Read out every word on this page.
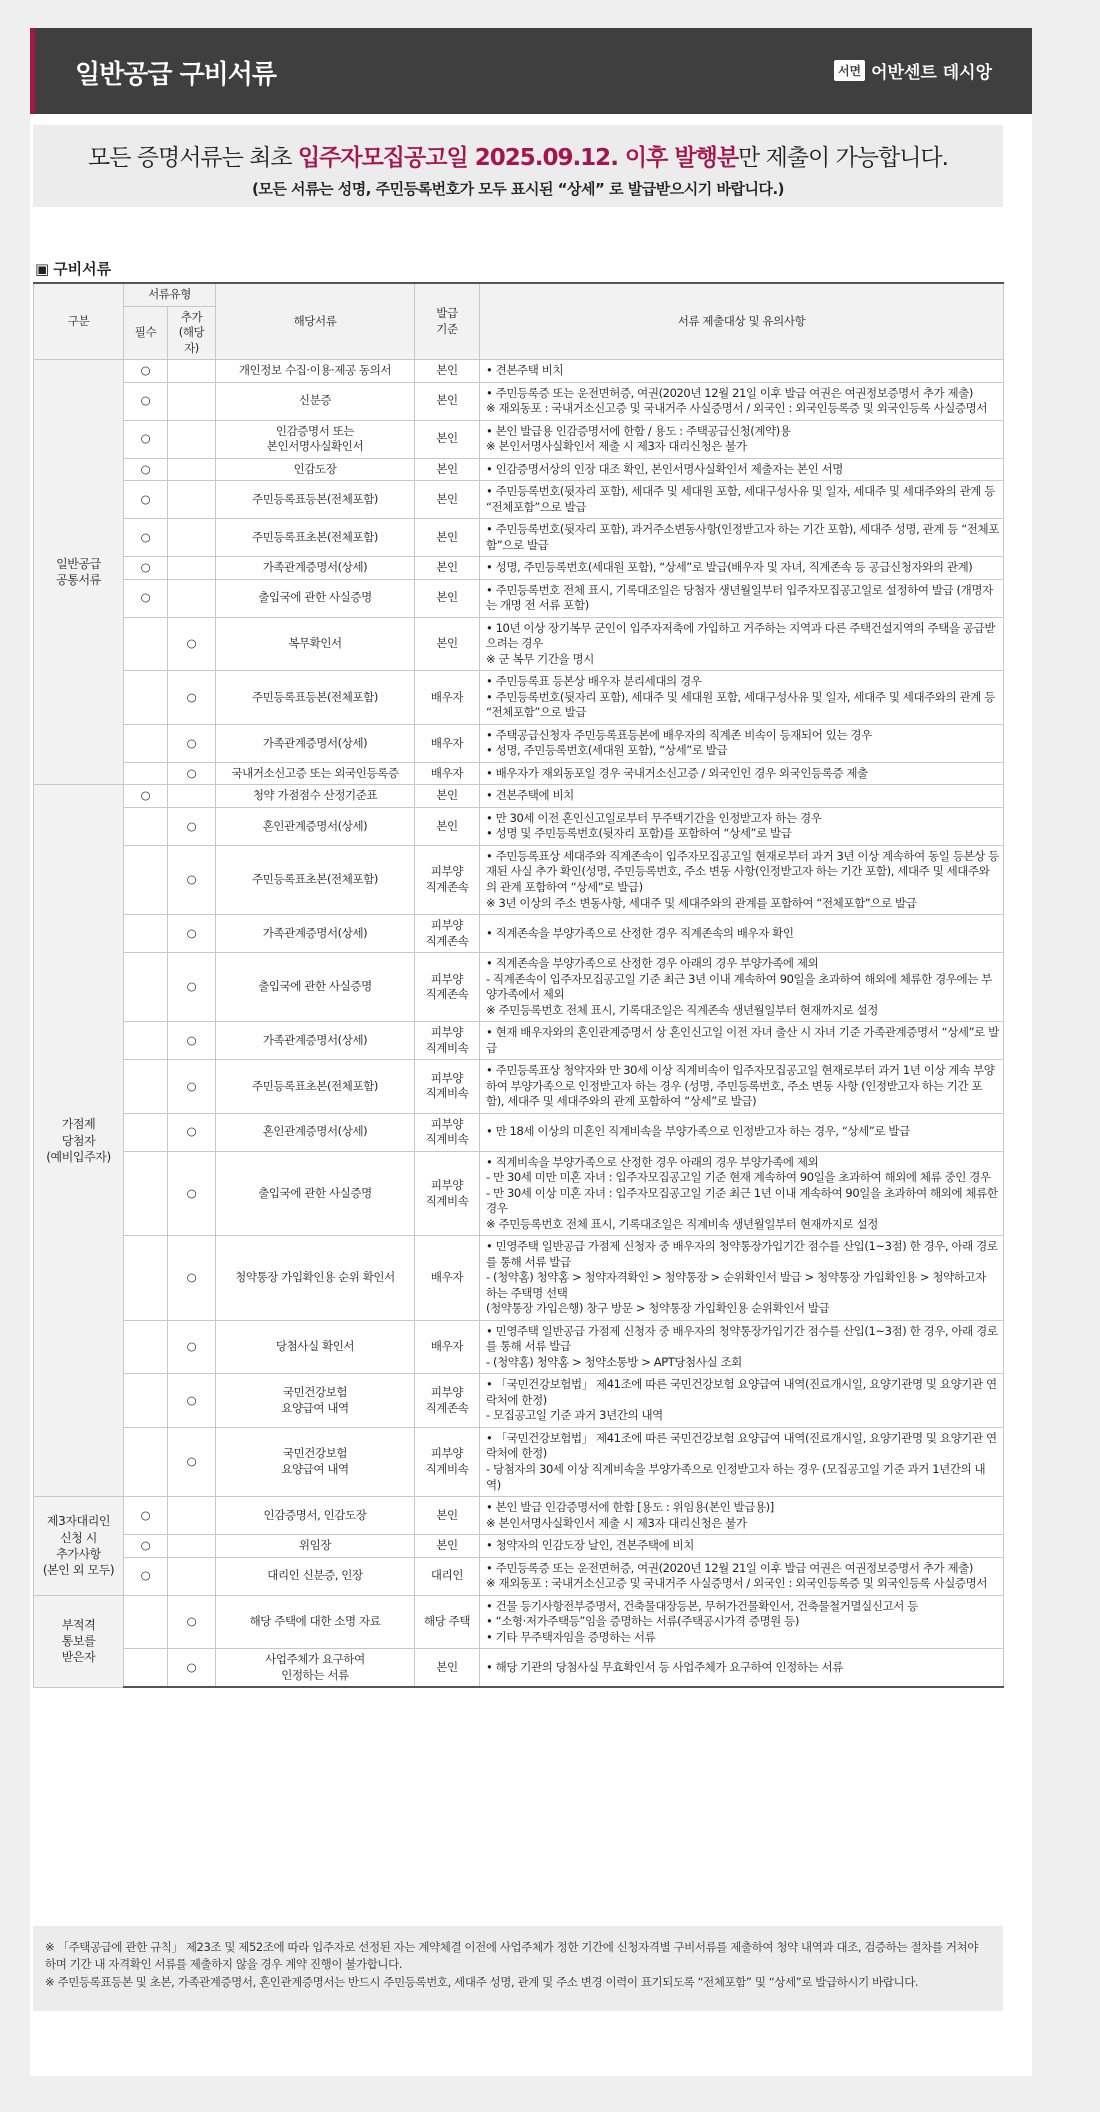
일반공급 구비서류	서면 어반센트 데시앙
모든 증명서류는 최초 입주자모집공고일 2025.09.12. 이후 발행분만 제출이 가능합니다.
(모든 서류는 성명, 주민등록번호가 모두 표시된 “상세” 로 발급받으시기 바랍니다.)
▣ 구비서류
구분	서류유형		해당서류	발급
기준	서류 제출대상 및 유의사항
	필수	추가
(해당자)			
일반공급
공통서류	○		개인정보 수집·이용·제공 동의서	본인	• 견본주택 비치

	○		신분증	본인	• 주민등록증 또는 운전면허증, 여권(2020년 12월 21일 이후 발급 여권은 여권정보증명서 추가 제출)
※ 재외동포 : 국내거소신고증 및 국내거주 사실증명서 / 외국인 : 외국인등록증 및 외국인등록 사실증명서

	○		인감증명서 또는
본인서명사실확인서	본인	• 본인 발급용 인감증명서에 한함 / 용도 : 주택공급신청(계약)용
※ 본인서명사실확인서 제출 시 제3자 대리신청은 불가

	○		인감도장	본인	• 인감증명서상의 인장 대조 확인, 본인서명사실확인서 제출자는 본인 서명

	○		주민등록표등본(전체포함)	본인	• 주민등록번호(뒷자리 포함), 세대주 및 세대원 포함, 세대구성사유 및 일자, 세대주 및 세대주와의 관계 등 “전체포함”으로 발급

	○		주민등록표초본(전체포함)	본인	• 주민등록번호(뒷자리 포함), 과거주소변동사항(인정받고자 하는 기간 포함), 세대주 성명, 관계 등 “전체포함”으로 발급

	○		가족관계증명서(상세)	본인	• 성명, 주민등록번호(세대원 포함), “상세”로 발급(배우자 및 자녀, 직계존속 등 공급신청자와의 관계)

	○		출입국에 관한 사실증명	본인	• 주민등록번호 전체 표시, 기록대조일은 당첨자 생년월일부터 입주자모집공고일로 설정하여 발급 (개명자는 개명 전 서류 포함)

		○	복무확인서	본인	• 10년 이상 장기복무 군인이 입주자저축에 가입하고 거주하는 지역과 다른 주택건설지역의 주택을 공급받으려는 경우
※ 군 복무 기간을 명시

		○	주민등록표등본(전체포함)	배우자	• 주민등록표 등본상 배우자 분리세대의 경우
• 주민등록번호(뒷자리 포함), 세대주 및 세대원 포함, 세대구성사유 및 일자, 세대주 및 세대주와의 관계 등 “전체포함”으로 발급

		○	가족관계증명서(상세)	배우자	• 주택공급신청자 주민등록표등본에 배우자의 직계존 비속이 등재되어 있는 경우
• 성명, 주민등록번호(세대원 포함), “상세”로 발급

		○	국내거소신고증 또는 외국인등록증	배우자	• 배우자가 재외동포일 경우 국내거소신고증 / 외국인인 경우 외국인등록증 제출

가점제
당첨자
(예비입주자)	○		청약 가점점수 산정기준표	본인	• 견본주택에 비치

		○	혼인관계증명서(상세)	본인	• 만 30세 이전 혼인신고일로부터 무주택기간을 인정받고자 하는 경우
• 성명 및 주민등록번호(뒷자리 포함)를 포함하여 “상세”로 발급

		○	주민등록표초본(전체포함)	피부양
직계존속	• 주민등록표상 세대주와 직계존속이 입주자모집공고일 현재로부터 과거 3년 이상 계속하여 동일 등본상 등재된 사실 추가 확인(성명, 주민등록번호, 주소 변동 사항(인정받고자 하는 기간 포함), 세대주 및 세대주와의 관계 포함하여 “상세”로 발급)
※ 3년 이상의 주소 변동사항, 세대주 및 세대주와의 관계를 포함하여 “전체포함”으로 발급

		○	가족관계증명서(상세)	피부양
직계존속	• 직계존속을 부양가족으로 산정한 경우 직계존속의 배우자 확인

		○	출입국에 관한 사실증명	피부양
직계존속	• 직계존속을 부양가족으로 산정한 경우 아래의 경우 부양가족에 제외
- 직계존속이 입주자모집공고일 기준 최근 3년 이내 계속하여 90일을 초과하여 해외에 체류한 경우에는 부양가족에서 제외
※ 주민등록번호 전체 표시, 기록대조일은 직계존속 생년월일부터 현재까지로 설정

		○	가족관계증명서(상세)	피부양
직계비속	• 현재 배우자와의 혼인관계증명서 상 혼인신고일 이전 자녀 출산 시 자녀 기준 가족관계증명서 “상세”로 발급

		○	주민등록표초본(전체포함)	피부양
직계비속	• 주민등록표상 청약자와 만 30세 이상 직계비속이 입주자모집공고일 현재로부터 과거 1년 이상 계속 부양하여 부양가족으로 인정받고자 하는 경우 (성명, 주민등록번호, 주소 변동 사항 (인정받고자 하는 기간 포함), 세대주 및 세대주와의 관계 포함하여 “상세”로 발급)

		○	혼인관계증명서(상세)	피부양
직계비속	• 만 18세 이상의 미혼인 직계비속을 부양가족으로 인정받고자 하는 경우, “상세”로 발급

		○	출입국에 관한 사실증명	피부양
직계비속	• 직계비속을 부양가족으로 산정한 경우 아래의 경우 부양가족에 제외
- 만 30세 미만 미혼 자녀 : 입주자모집공고일 기준 현재 계속하여 90일을 초과하여 해외에 체류 중인 경우
- 만 30세 이상 미혼 자녀 : 입주자모집공고일 기준 최근 1년 이내 계속하여 90일을 초과하여 해외에 체류한 경우
※ 주민등록번호 전체 표시, 기록대조일은 직계비속 생년월일부터 현재까지로 설정

		○	청약통장 가입확인용 순위 확인서	배우자	• 민영주택 일반공급 가점제 신청자 중 배우자의 청약통장가입기간 점수를 산입(1~3점) 한 경우, 아래 경로를 통해 서류 발급
- (청약홈) 청약홈 > 청약자격확인 > 청약통장 > 순위확인서 발급 > 청약통장 가입확인용 > 청약하고자 하는 주택명 선택
(청약통장 가입은행) 창구 방문 > 청약통장 가입확인용 순위확인서 발급

		○	당첨사실 확인서	배우자	• 민영주택 일반공급 가점제 신청자 중 배우자의 청약통장가입기간 점수를 산입(1~3점) 한 경우, 아래 경로를 통해 서류 발급
- (청약홈) 청약홈 > 청약소통방 > APT당첨사실 조회

		○	국민건강보험
요양급여 내역	피부양
직계존속	• 「국민건강보험법」 제41조에 따른 국민건강보험 요양급여 내역(진료개시일, 요양기관명 및 요양기관 연락처에 한정)
- 모집공고일 기준 과거 3년간의 내역

		○	국민건강보험
요양급여 내역	피부양
직계비속	• 「국민건강보험법」 제41조에 따른 국민건강보험 요양급여 내역(진료개시일, 요양기관명 및 요양기관 연락처에 한정)
- 당첨자의 30세 이상 직계비속을 부양가족으로 인정받고자 하는 경우 (모집공고일 기준 과거 1년간의 내역)

제3자대리인
신청 시
추가사항
(본인 외 모두)	○		인감증명서, 인감도장	본인	• 본인 발급 인감증명서에 한함 [용도 : 위임용(본인 발급용)]
※ 본인서명사실확인서 제출 시 제3자 대리신청은 불가

	○		위임장	본인	• 청약자의 인감도장 날인, 견본주택에 비치

	○		대리인 신분증, 인장	대리인	• 주민등록증 또는 운전면허증, 여권(2020년 12월 21일 이후 발급 여권은 여권정보증명서 추가 제출)
※ 재외동포 : 국내거소신고증 및 국내거주 사실증명서 / 외국인 : 외국인등록증 및 외국인등록 사실증명서

부적격
통보를
받은자		○	해당 주택에 대한 소명 자료	해당 주택	• 건물 등기사항전부증명서, 건축물대장등본, 무허가건물확인서, 건축물철거멸실신고서 등
• “소형·저가주택등”임을 증명하는 서류(주택공시가격 증명원 등)
• 기타 무주택자임을 증명하는 서류

		○	사업주체가 요구하여
인정하는 서류	본인	• 해당 기관의 당첨사실 무효확인서 등 사업주체가 요구하여 인정하는 서류
※ 「주택공급에 관한 규칙」 제23조 및 제52조에 따라 입주자로 선정된 자는 계약체결 이전에 사업주체가 정한 기간에 신청자격별 구비서류를 제출하여 청약 내역과 대조, 검증하는 절차를 거쳐야 하며 기간 내 자격확인 서류를 제출하지 않을 경우 계약 진행이 불가합니다.
※ 주민등록표등본 및 초본, 가족관계증명서, 혼인관계증명서는 반드시 주민등록번호, 세대주 성명, 관계 및 주소 변경 이력이 표기되도록 “전체포함” 및 “상세”로 발급하시기 바랍니다.
